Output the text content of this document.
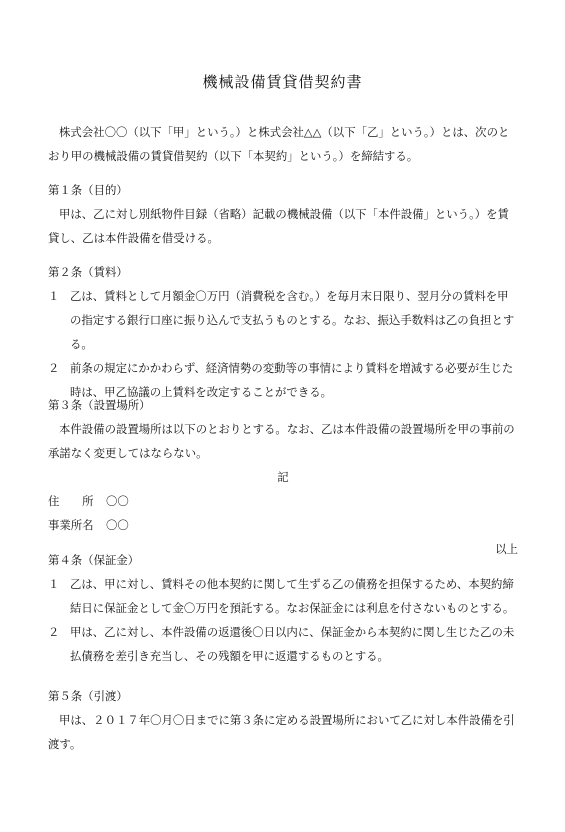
機械設備賃貸借契約書

株式会社〇〇（以下「甲」という。）と株式会社△△（以下「乙」という。）とは、次のとおり甲の機械設備の賃貸借契約（以下「本契約」という。）を締結する。

第１条（目的）

甲は、乙に対し別紙物件目録（省略）記載の機械設備（以下「本件設備」という。）を賃貸し、乙は本件設備を借受ける。

第２条（賃料）

１ 乙は、賃料として月額金〇万円（消費税を含む。）を毎月末日限り、翌月分の賃料を甲の指定する銀行口座に振り込んで支払うものとする。なお、振込手数料は乙の負担とする。
２ 前条の規定にかかわらず、経済情勢の変動等の事情により賃料を増減する必要が生じた時は、甲乙協議の上賃料を改定することができる。

第３条（設置場所）

本件設備の設置場所は以下のとおりとする。なお、乙は本件設備の設置場所を甲の事前の承諾なく変更してはならない。

記

住　　所	〇〇
事業所名	〇〇

以上

第４条（保証金）

１ 乙は、甲に対し、賃料その他本契約に関して生ずる乙の債務を担保するため、本契約締結日に保証金として金〇万円を預託する。なお保証金には利息を付さないものとする。
２ 甲は、乙に対し、本件設備の返還後〇日以内に、保証金から本契約に関し生じた乙の未払債務を差引き充当し、その残額を甲に返還するものとする。

第５条（引渡）

甲は、２０１７年〇月〇日までに第３条に定める設置場所において乙に対し本件設備を引渡す。
